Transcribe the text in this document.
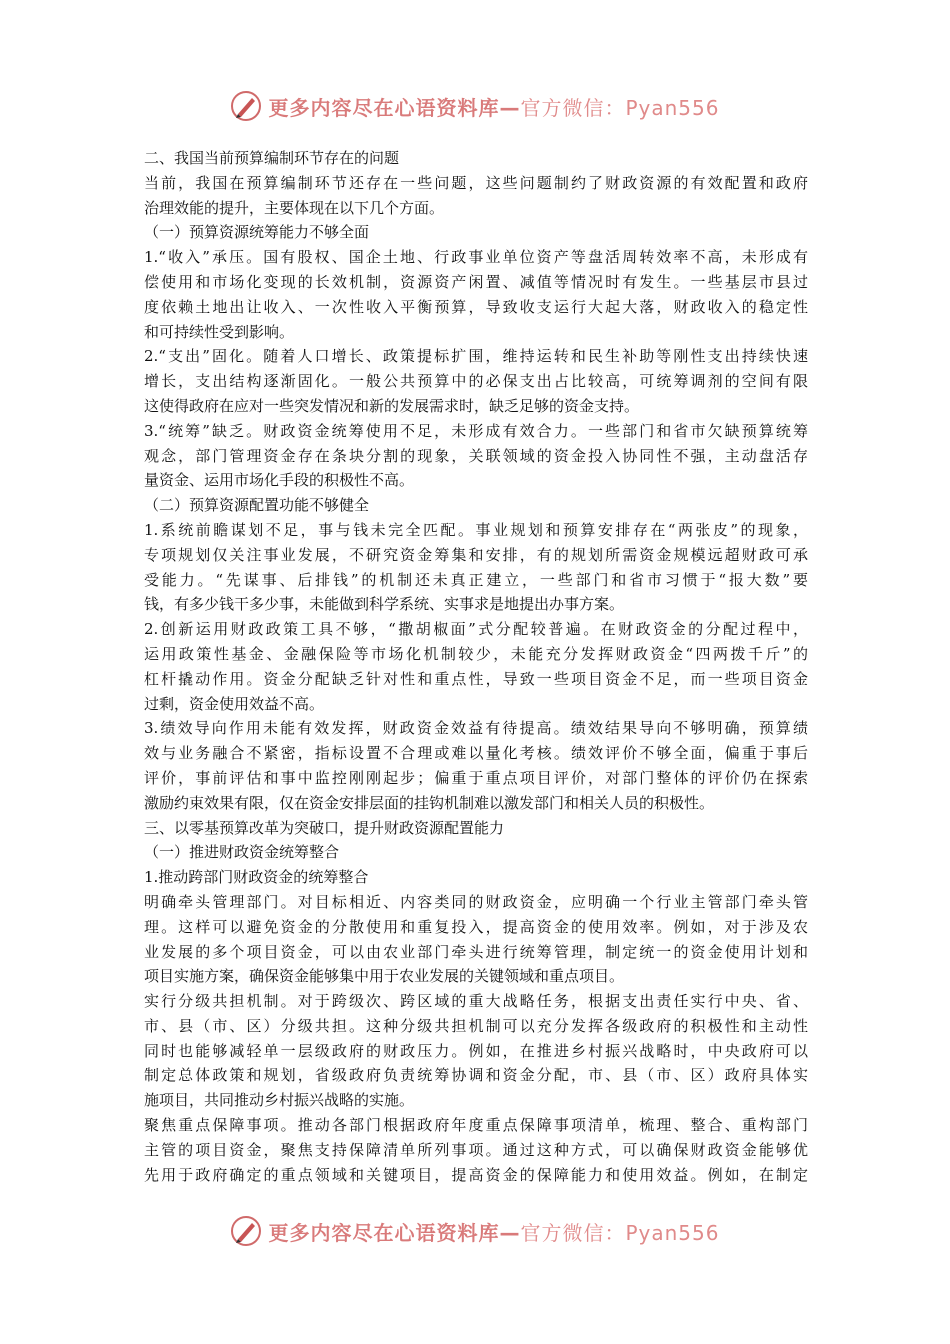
更多内容尽在心语资料库—官方微信：Pyan556
二、我国当前预算编制环节存在的问题
当前，我国在预算编制环节还存在一些问题，这些问题制约了财政资源的有效配置和政府
治理效能的提升，主要体现在以下几个方面。
（一）预算资源统筹能力不够全面
1.“收入”承压。国有股权、国企土地、行政事业单位资产等盘活周转效率不高，未形成有
偿使用和市场化变现的长效机制，资源资产闲置、减值等情况时有发生。一些基层市县过
度依赖土地出让收入、一次性收入平衡预算，导致收支运行大起大落，财政收入的稳定性
和可持续性受到影响。
2.“支出”固化。随着人口增长、政策提标扩围，维持运转和民生补助等刚性支出持续快速
增长，支出结构逐渐固化。一般公共预算中的必保支出占比较高，可统筹调剂的空间有限
这使得政府在应对一些突发情况和新的发展需求时，缺乏足够的资金支持。
3.“统筹”缺乏。财政资金统筹使用不足，未形成有效合力。一些部门和省市欠缺预算统筹
观念，部门管理资金存在条块分割的现象，关联领域的资金投入协同性不强，主动盘活存
量资金、运用市场化手段的积极性不高。
（二）预算资源配置功能不够健全
1.系统前瞻谋划不足，事与钱未完全匹配。事业规划和预算安排存在“两张皮”的现象，
专项规划仅关注事业发展，不研究资金筹集和安排，有的规划所需资金规模远超财政可承
受能力。“先谋事、后排钱”的机制还未真正建立，一些部门和省市习惯于“报大数”要
钱，有多少钱干多少事，未能做到科学系统、实事求是地提出办事方案。
2.创新运用财政政策工具不够，“撒胡椒面”式分配较普遍。在财政资金的分配过程中，
运用政策性基金、金融保险等市场化机制较少，未能充分发挥财政资金“四两拨千斤”的
杠杆撬动作用。资金分配缺乏针对性和重点性，导致一些项目资金不足，而一些项目资金
过剩，资金使用效益不高。
3.绩效导向作用未能有效发挥，财政资金效益有待提高。绩效结果导向不够明确，预算绩
效与业务融合不紧密，指标设置不合理或难以量化考核。绩效评价不够全面，偏重于事后
评价，事前评估和事中监控刚刚起步；偏重于重点项目评价，对部门整体的评价仍在探索
激励约束效果有限，仅在资金安排层面的挂钩机制难以激发部门和相关人员的积极性。
三、以零基预算改革为突破口，提升财政资源配置能力
（一）推进财政资金统筹整合
1.推动跨部门财政资金的统筹整合
明确牵头管理部门。对目标相近、内容类同的财政资金，应明确一个行业主管部门牵头管
理。这样可以避免资金的分散使用和重复投入，提高资金的使用效率。例如，对于涉及农
业发展的多个项目资金，可以由农业部门牵头进行统筹管理，制定统一的资金使用计划和
项目实施方案，确保资金能够集中用于农业发展的关键领域和重点项目。
实行分级共担机制。对于跨级次、跨区域的重大战略任务，根据支出责任实行中央、省、
市、县（市、区）分级共担。这种分级共担机制可以充分发挥各级政府的积极性和主动性
同时也能够减轻单一层级政府的财政压力。例如，在推进乡村振兴战略时，中央政府可以
制定总体政策和规划，省级政府负责统筹协调和资金分配，市、县（市、区）政府具体实
施项目，共同推动乡村振兴战略的实施。
聚焦重点保障事项。推动各部门根据政府年度重点保障事项清单，梳理、整合、重构部门
主管的项目资金，聚焦支持保障清单所列事项。通过这种方式，可以确保财政资金能够优
先用于政府确定的重点领域和关键项目，提高资金的保障能力和使用效益。例如，在制定
更多内容尽在心语资料库—官方微信：Pyan556
